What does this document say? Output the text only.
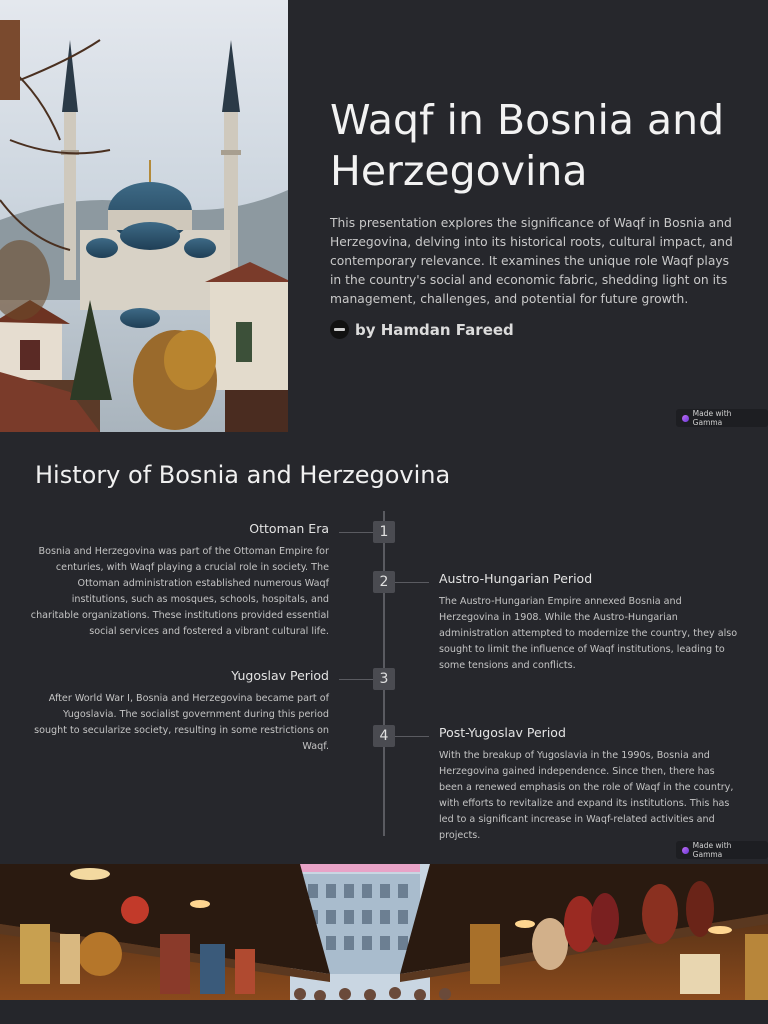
Waqf in Bosnia and Herzegovina

This presentation explores the significance of Waqf in Bosnia and Herzegovina, delving into its historical roots, cultural impact, and contemporary relevance. It examines the unique role Waqf plays in the country's social and economic fabric, shedding light on its management, challenges, and potential for future growth.

by Hamdan Fareed
Made with Gamma
History of Bosnia and Herzegovina
1
Ottoman Era
Bosnia and Herzegovina was part of the Ottoman Empire for centuries, with Waqf playing a crucial role in society. The Ottoman administration established numerous Waqf institutions, such as mosques, schools, hospitals, and charitable organizations. These institutions provided essential social services and fostered a vibrant cultural life.
2	Austro-Hungarian Period
The Austro-Hungarian Empire annexed Bosnia and Herzegovina in 1908. While the Austro-Hungarian administration attempted to modernize the country, they also sought to limit the influence of Waqf institutions, leading to some tensions and conflicts.
3
Yugoslav Period
After World War I, Bosnia and Herzegovina became part of Yugoslavia. The socialist government during this period sought to secularize society, resulting in some restrictions on Waqf.
4	Post-Yugoslav Period
With the breakup of Yugoslavia in the 1990s, Bosnia and Herzegovina gained independence. Since then, there has been a renewed emphasis on the role of Waqf in the country, with efforts to revitalize and expand its institutions. This has led to a significant increase in Waqf-related activities and projects.
Made with Gamma
